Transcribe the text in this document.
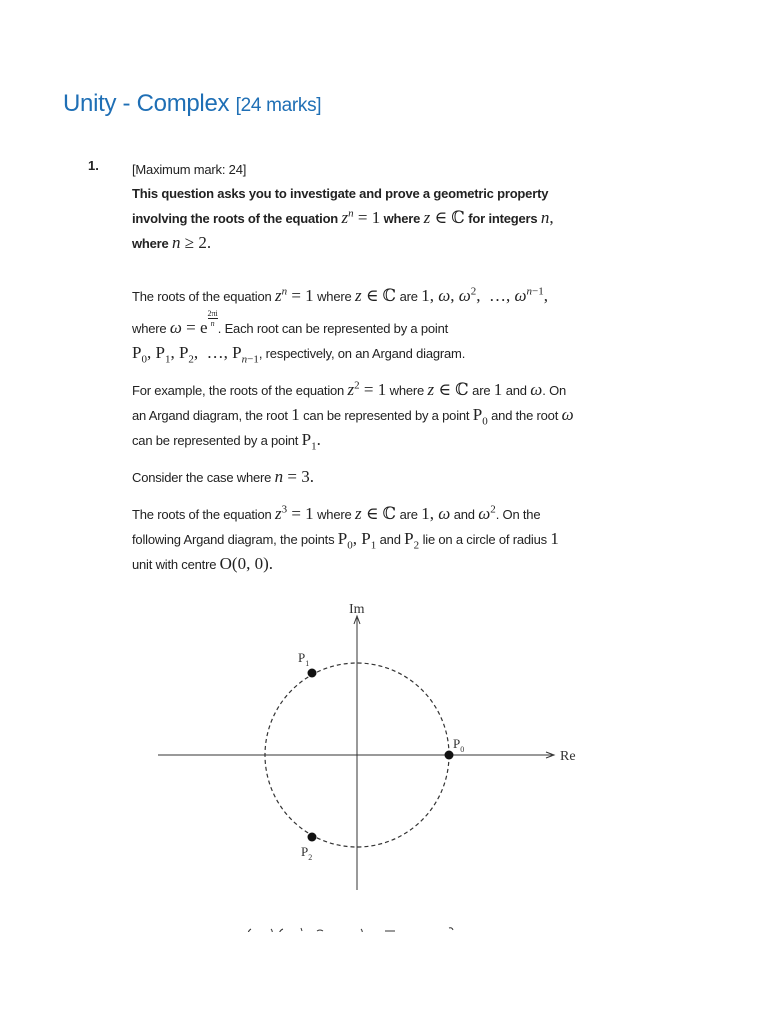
Unity - Complex [24 marks]
1.	[Maximum mark: 24]

This question asks you to investigate and prove a geometric property
involving the roots of the equation $z^n = 1$ where z ∈ ℂ for integers n,
where n ≥ 2.

The roots of the equation $z^n = 1$ where z ∈ ℂ are 1, ω, $\omega^2$,  …, $\omega^{n-1}$,
where ω = e $\frac{2\pi i}{n}$
. Each root can be represented by a point
$P_0$, $P_1$, $P_2$,  …, $P_{n-1}$, respectively, on an Argand diagram.

For example, the roots of the equation $z^2 = 1$ where z ∈ ℂ are 1 and ω. On
an Argand diagram, the root 1 can be represented by a point $P_0$ and the root ω
can be represented by a point $P_1$.

Consider the case where n = 3.

The roots of the equation $z^3 = 1$ where z ∈ ℂ are 1, ω and $\omega^2$. On the
following Argand diagram, the points $P_0$, $P_1$ and $P_2$ lie on a circle of radius 1
unit with centre O(0, 0).

Im
Re
$P_0$
$P_1$
$P_2$
